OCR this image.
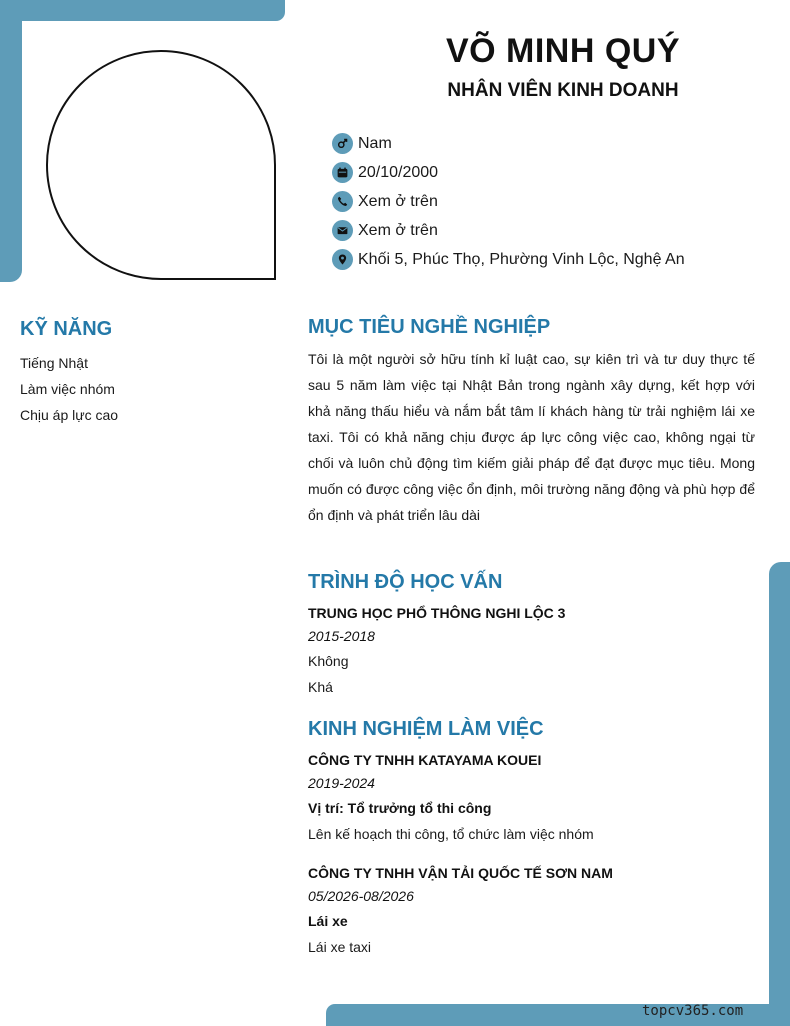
VÕ MINH QUÝ
NHÂN VIÊN KINH DOANH
Nam
20/10/2000
Xem ở trên
Xem ở trên
Khối 5, Phúc Thọ, Phường Vinh Lộc, Nghệ An
KỸ NĂNG
Tiếng Nhật
Làm việc nhóm
Chịu áp lực cao
MỤC TIÊU NGHỀ NGHIỆP
Tôi là một người sở hữu tính kỉ luật cao, sự kiên trì và tư duy thực tế sau 5 năm làm việc tại Nhật Bản trong ngành xây dựng, kết hợp với khả năng thấu hiểu và nắm bắt tâm lí khách hàng từ trải nghiệm lái xe taxi. Tôi có khả năng chịu được áp lực công việc cao, không ngại từ chối và luôn chủ động tìm kiếm giải pháp để đạt được mục tiêu. Mong muốn có được công việc ổn định, môi trường năng động và phù hợp để ổn định và phát triển lâu dài
TRÌNH ĐỘ HỌC VẤN
TRUNG HỌC PHỔ THÔNG NGHI LỘC 3
2015-2018
Không
Khá
KINH NGHIỆM LÀM VIỆC
CÔNG TY TNHH KATAYAMA KOUEI
2019-2024
Vị trí: Tổ trưởng tổ thi công
Lên kế hoạch thi công, tổ chức làm việc nhóm
CÔNG TY TNHH VẬN TẢI QUỐC TẾ SƠN NAM
05/2026-08/2026
Lái xe
Lái xe taxi
topcv365.com
